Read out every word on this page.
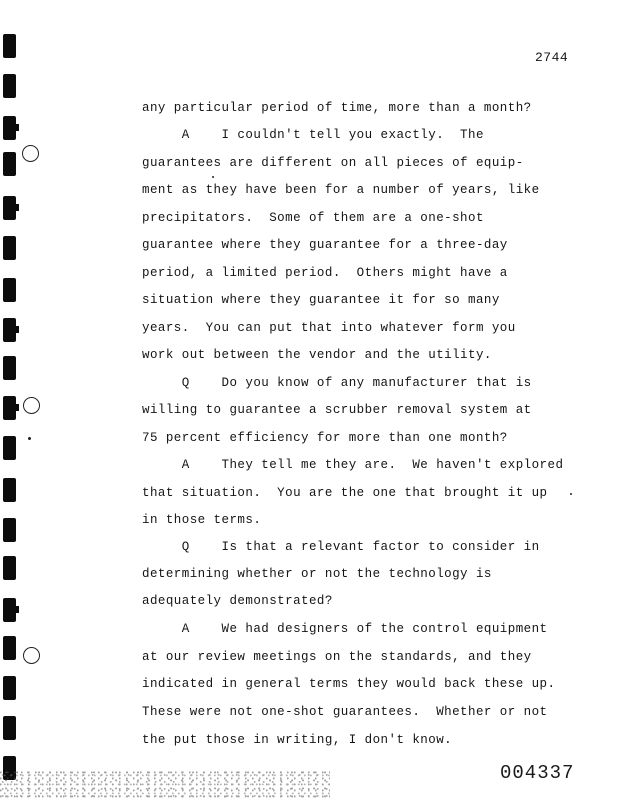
2744
any particular period of time, more than a month?
A    I couldn't tell you exactly.  The
guarantees are different on all pieces of equip-
ment as they have been for a number of years, like
precipitators.  Some of them are a one-shot
guarantee where they guarantee for a three-day
period, a limited period.  Others might have a
situation where they guarantee it for so many
years.  You can put that into whatever form you
work out between the vendor and the utility.
Q    Do you know of any manufacturer that is
willing to guarantee a scrubber removal system at
75 percent efficiency for more than one month?
A    They tell me they are.  We haven't explored
that situation.  You are the one that brought it up
in those terms.
Q    Is that a relevant factor to consider in
determining whether or not the technology is
adequately demonstrated?
A    We had designers of the control equipment
at our review meetings on the standards, and they
indicated in general terms they would back these up.
These were not one-shot guarantees.  Whether or not
the put those in writing, I don't know.
004337
